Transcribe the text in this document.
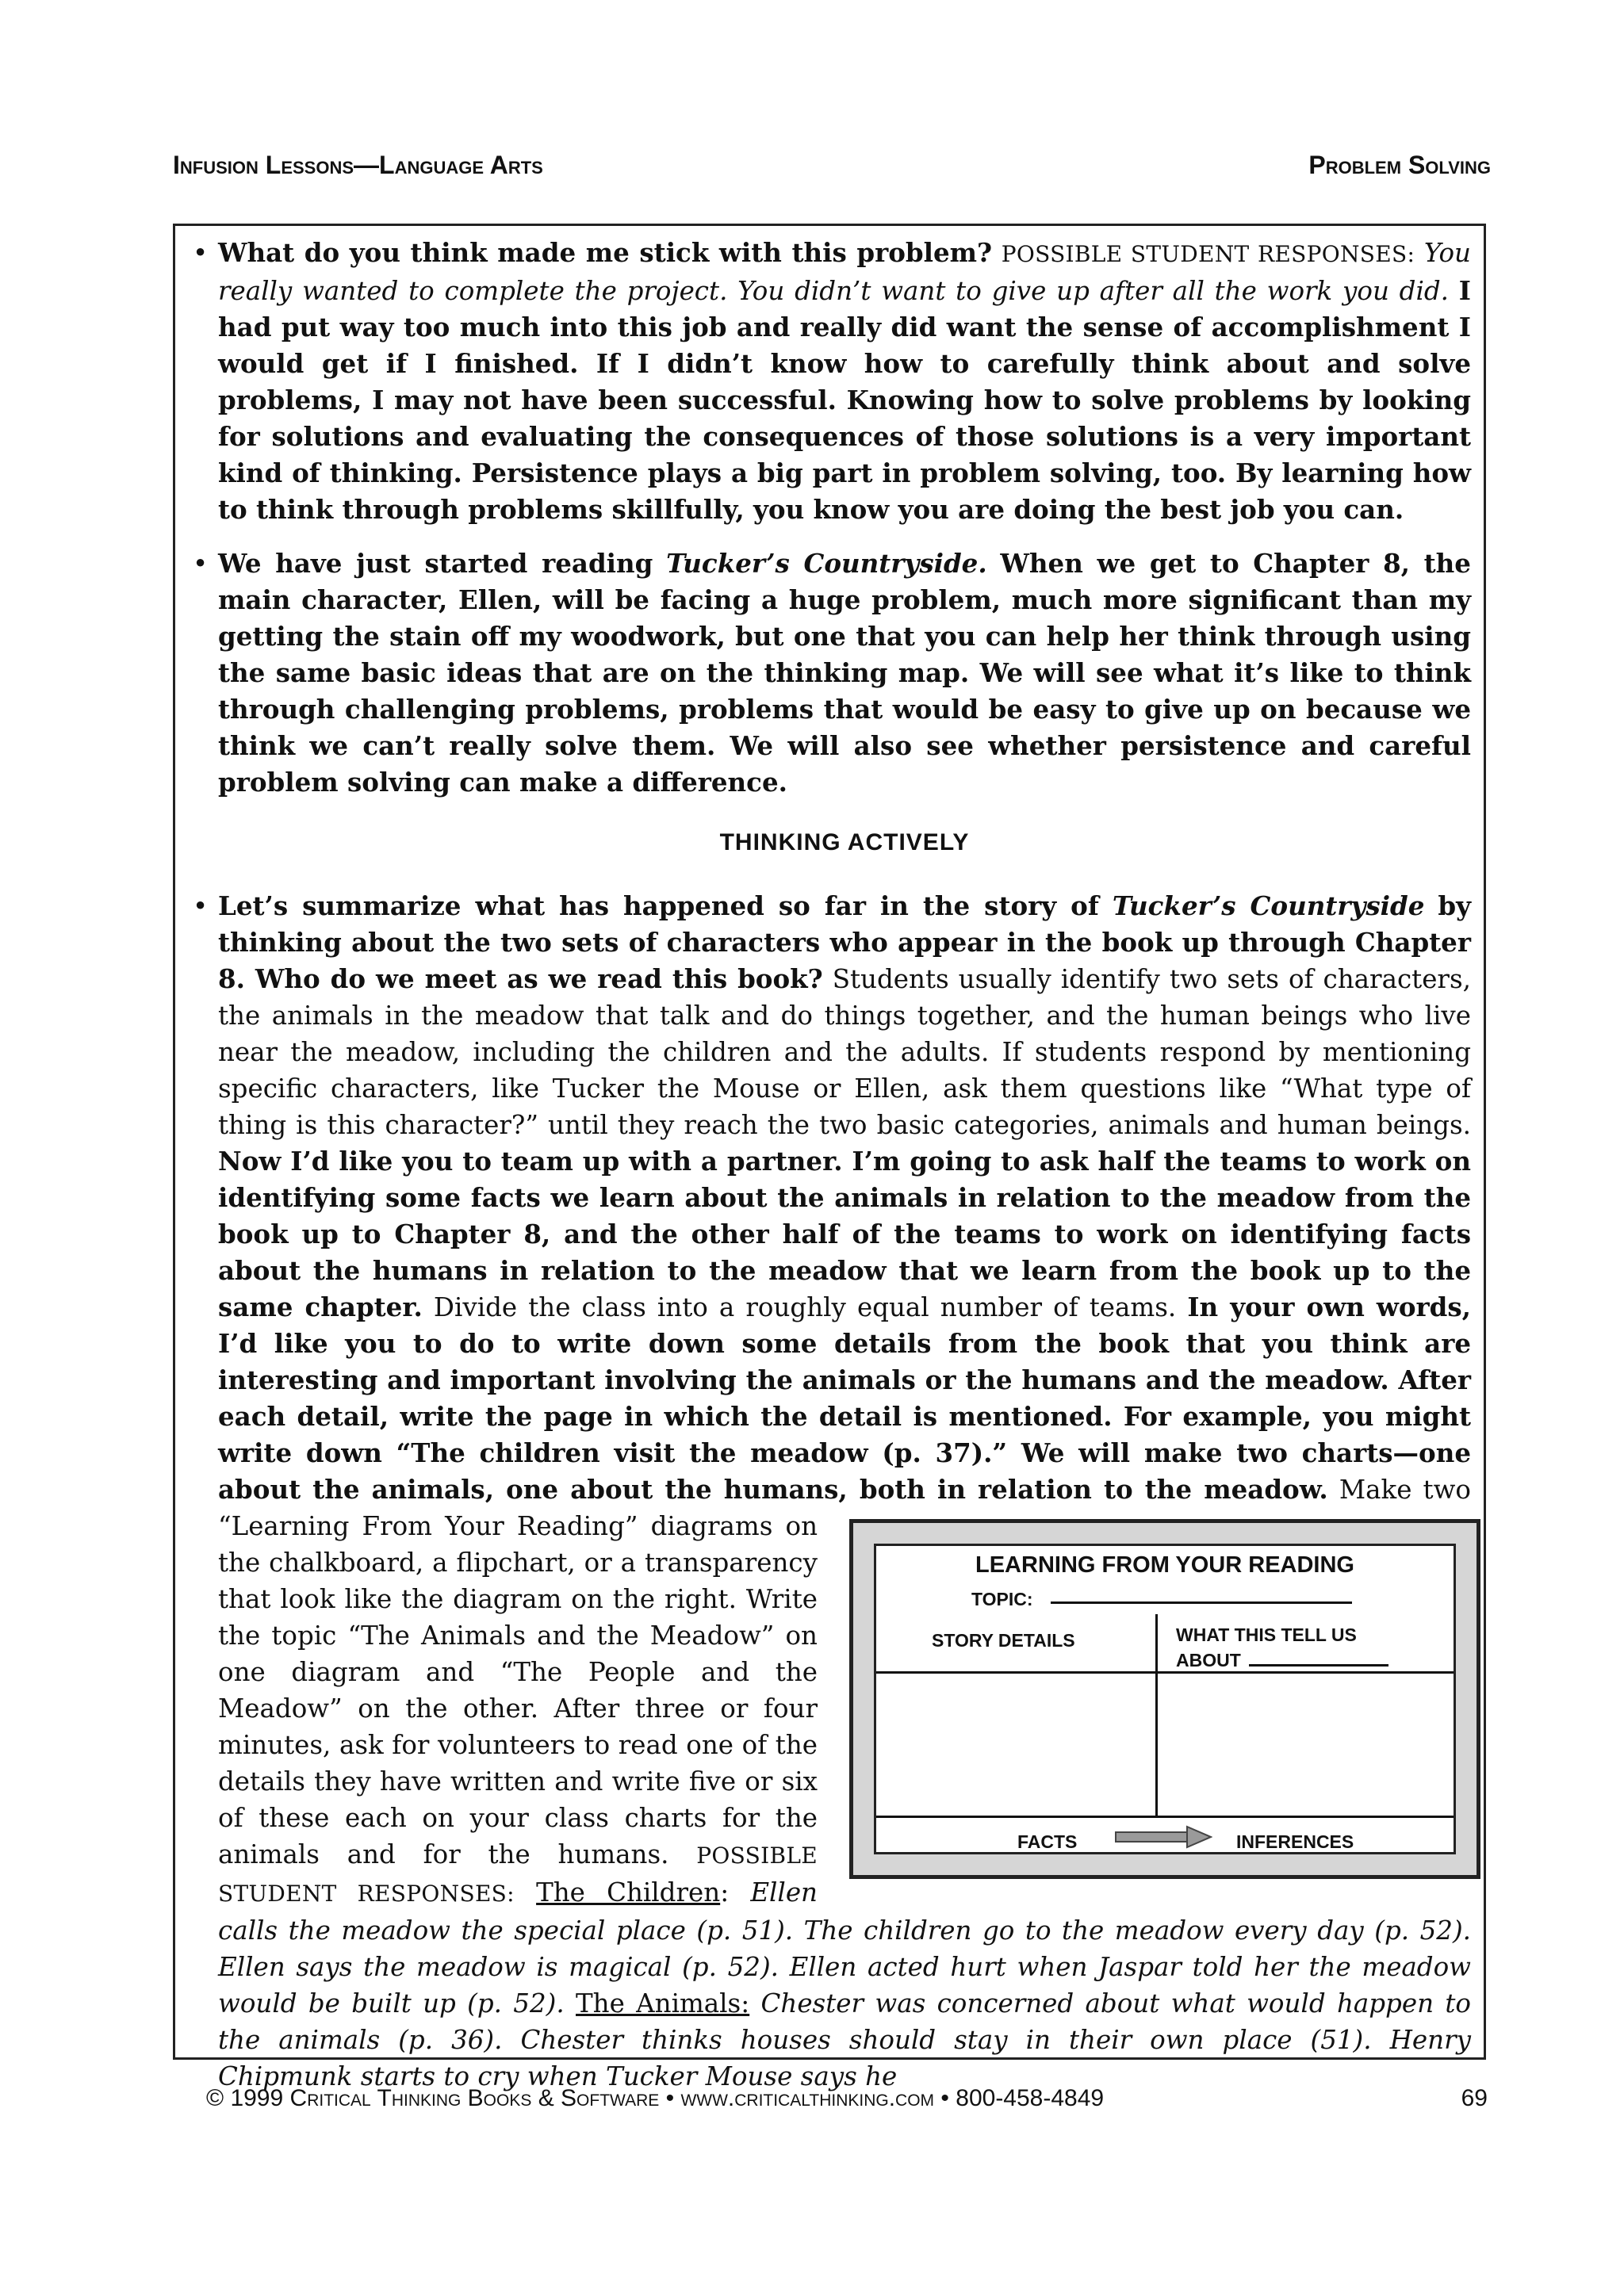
Infusion Lessons—Language Arts	Problem Solving

• What do you think made me stick with this problem? POSSIBLE STUDENT RESPONSES: You really wanted to complete the project. You didn’t want to give up after all the work you did. I had put way too much into this job and really did want the sense of accomplishment I would get if I finished. If I didn’t know how to carefully think about and solve problems, I may not have been successful. Knowing how to solve problems by looking for solutions and evaluating the consequences of those solutions is a very important kind of thinking. Persistence plays a big part in problem solving, too. By learning how to think through problems skillfully, you know you are doing the best job you can.

• We have just started reading Tucker’s Countryside. When we get to Chapter 8, the main character, Ellen, will be facing a huge problem, much more significant than my getting the stain off my woodwork, but one that you can help her think through using the same basic ideas that are on the thinking map. We will see what it’s like to think through challenging problems, problems that would be easy to give up on because we think we can’t really solve them. We will also see whether persistence and careful problem solving can make a difference.

THINKING ACTIVELY

• Let’s summarize what has happened so far in the story of Tucker’s Countryside by thinking about the two sets of characters who appear in the book up through Chapter 8. Who do we meet as we read this book? Students usually identify two sets of characters, the animals in the meadow that talk and do things together, and the human beings who live near the meadow, including the children and the adults. If students respond by mentioning specific characters, like Tucker the Mouse or Ellen, ask them questions like “What type of thing is this character?” until they reach the two basic categories, animals and human beings. Now I’d like you to team up with a partner. I’m going to ask half the teams to work on identifying some facts we learn about the animals in relation to the meadow from the book up to Chapter 8, and the other half of the teams to work on identifying facts about the humans in relation to the meadow that we learn from the book up to the same chapter. Divide the class into a roughly equal number of teams. In your own words, I’d like you to do to write down some details from the book that you think are interesting and important involving the animals or the humans and the meadow. After each detail, write the page in which the detail is mentioned. For example, you might write down “The children visit the meadow (p. 37).” We will make two charts—one about the animals, one about the humans, both in relation to the meadow.
LEARNING FROM YOUR READING
TOPIC:
STORY DETAILS	WHAT THIS TELL US
ABOUT
FACTS	INFERENCES
Make two “Learning From Your Reading” diagrams on the chalkboard, a flipchart, or a transparency that look like the diagram on the right. Write the topic “The Animals and the Meadow” on one diagram and “The People and the Meadow” on the other. After three or four minutes, ask for volunteers to read one of the details they have written and write five or six of these each on your class charts for the animals and for the humans. POSSIBLE STUDENT RESPONSES: The Children: Ellen calls the meadow the special place (p. 51). The children go to the meadow every day (p. 52). Ellen says the meadow is magical (p. 52). Ellen acted hurt when Jaspar told her the meadow would be built up (p. 52). The Animals: Chester was concerned about what would happen to the animals (p. 36). Chester thinks houses should stay in their own place (51). Henry Chipmunk starts to cry when Tucker Mouse says he

© 1999 Critical Thinking Books & Software • www.criticalthinking.com • 800-458-4849	69
